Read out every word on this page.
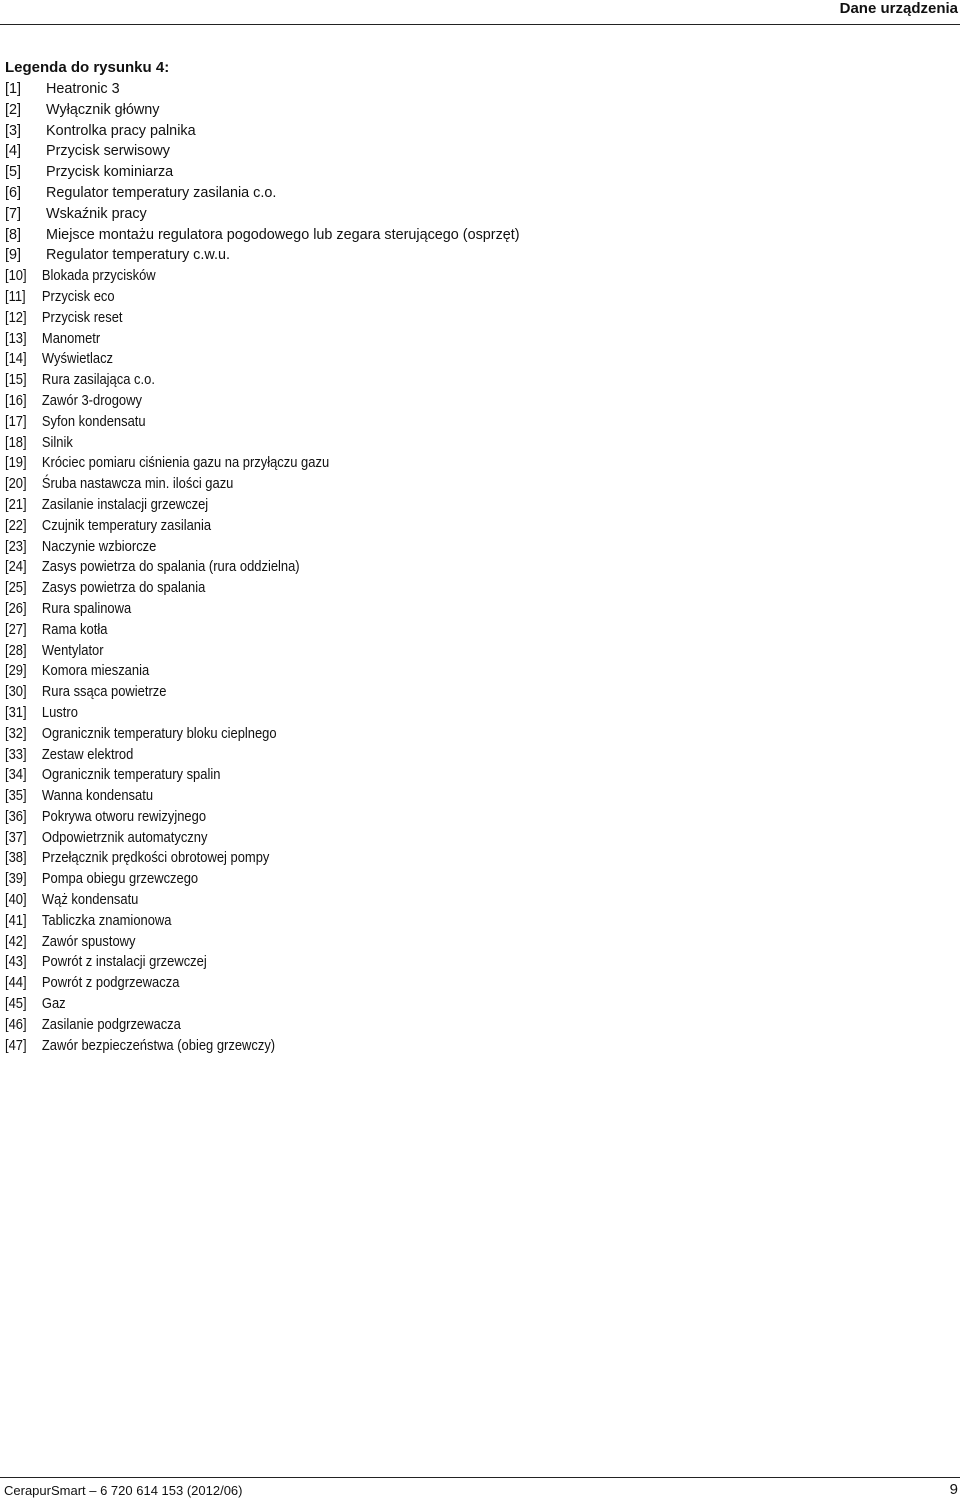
Dane urządzenia
Legenda do rysunku 4:
[1]	Heatronic 3
[2]	Wyłącznik główny
[3]	Kontrolka pracy palnika
[4]	Przycisk serwisowy
[5]	Przycisk kominiarza
[6]	Regulator temperatury zasilania c.o.
[7]	Wskaźnik pracy
[8]	Miejsce montażu regulatora pogodowego lub zegara sterującego (osprzęt)
[9]	Regulator temperatury c.w.u.
[10]	Blokada przycisków
[11]	Przycisk eco
[12]	Przycisk reset
[13]	Manometr
[14]	Wyświetlacz
[15]	Rura zasilająca c.o.
[16]	Zawór 3-drogowy
[17]	Syfon kondensatu
[18]	Silnik
[19]	Króciec pomiaru ciśnienia gazu na przyłączu gazu
[20]	Śruba nastawcza min. ilości gazu
[21]	Zasilanie instalacji grzewczej
[22]	Czujnik temperatury zasilania
[23]	Naczynie wzbiorcze
[24]	Zasys powietrza do spalania (rura oddzielna)
[25]	Zasys powietrza do spalania
[26]	Rura spalinowa
[27]	Rama kotła
[28]	Wentylator
[29]	Komora mieszania
[30]	Rura ssąca powietrze
[31]	Lustro
[32]	Ogranicznik temperatury bloku cieplnego
[33]	Zestaw elektrod
[34]	Ogranicznik temperatury spalin
[35]	Wanna kondensatu
[36]	Pokrywa otworu rewizyjnego
[37]	Odpowietrznik automatyczny
[38]	Przełącznik prędkości obrotowej pompy
[39]	Pompa obiegu grzewczego
[40]	Wąż kondensatu
[41]	Tabliczka znamionowa
[42]	Zawór spustowy
[43]	Powrót z instalacji grzewczej
[44]	Powrót z podgrzewacza
[45]	Gaz
[46]	Zasilanie podgrzewacza
[47]	Zawór bezpieczeństwa (obieg grzewczy)
CerapurSmart – 6 720 614 153 (2012/06)	9
